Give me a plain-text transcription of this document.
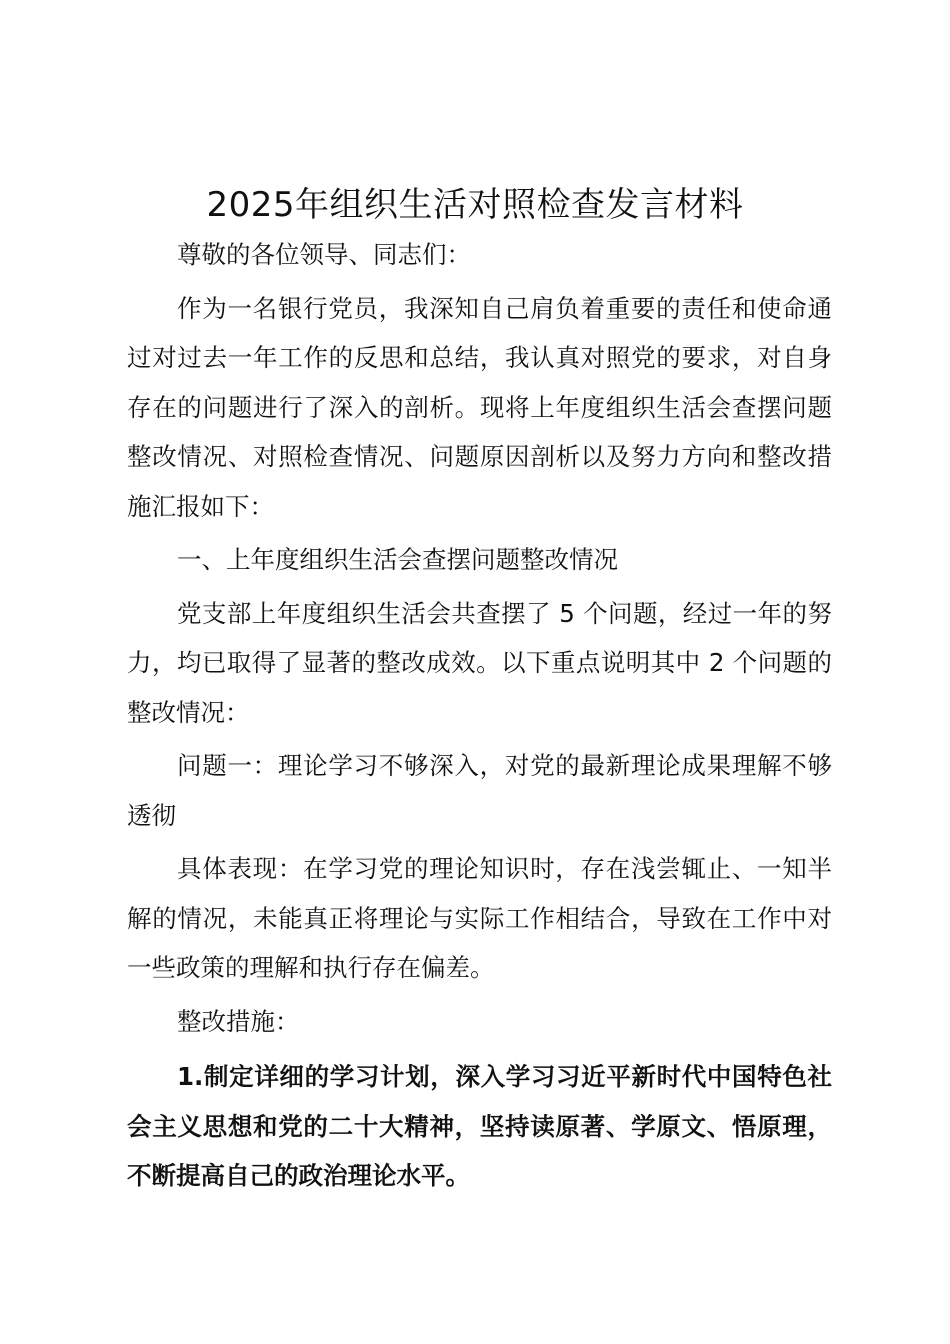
2025年组织生活对照检查发言材料

尊敬的各位领导、同志们：

作为一名银行党员，我深知自己肩负着重要的责任和使命通过对过去一年工作的反思和总结，我认真对照党的要求，对自身存在的问题进行了深入的剖析。现将上年度组织生活会查摆问题整改情况、对照检查情况、问题原因剖析以及努力方向和整改措施汇报如下：

一、上年度组织生活会查摆问题整改情况

党支部上年度组织生活会共查摆了 5 个问题，经过一年的努力，均已取得了显著的整改成效。以下重点说明其中 2 个问题的整改情况：

问题一：理论学习不够深入，对党的最新理论成果理解不够透彻

具体表现：在学习党的理论知识时，存在浅尝辄止、一知半解的情况，未能真正将理论与实际工作相结合，导致在工作中对一些政策的理解和执行存在偏差。

整改措施：

1.制定详细的学习计划，深入学习习近平新时代中国特色社会主义思想和党的二十大精神，坚持读原著、学原文、悟原理，不断提高自己的政治理论水平。
